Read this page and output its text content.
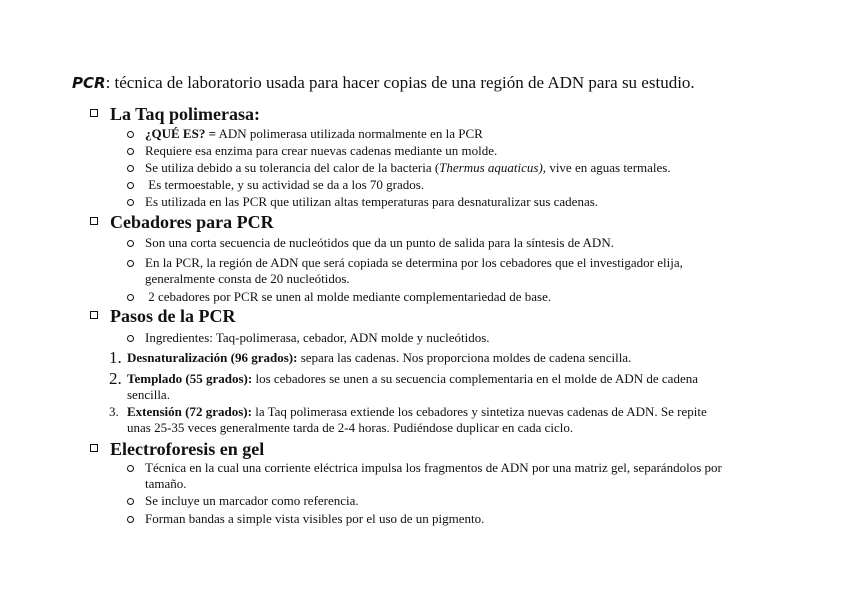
PCR: técnica de laboratorio usada para hacer copias de una región de ADN para su estudio.
La Taq polimerasa:
¿QUÉ ES? = ADN polimerasa utilizada normalmente en la PCR
Requiere esa enzima para crear nuevas cadenas mediante un molde.
Se utiliza debido a su tolerancia del calor de la bacteria (Thermus aquaticus), vive en aguas termales.
Es termoestable, y su actividad se da a los 70 grados.
Es utilizada en las PCR que utilizan altas temperaturas para desnaturalizar sus cadenas.
Cebadores para PCR
Son una corta secuencia de nucleótidos que da un punto de salida para la síntesis de ADN.
En la PCR, la región de ADN que será copiada se determina por los cebadores que el investigador elija,
generalmente consta de 20 nucleótidos.
2 cebadores por PCR se unen al molde mediante complementariedad de base.
Pasos de la PCR
Ingredientes: Taq-polimerasa, cebador, ADN molde y nucleótidos.
1. Desnaturalización (96 grados): separa las cadenas. Nos proporciona moldes de cadena sencilla.
2. Templado (55 grados): los cebadores se unen a su secuencia complementaria en el molde de ADN de cadena
sencilla.
3. Extensión (72 grados): la Taq polimerasa extiende los cebadores y sintetiza nuevas cadenas de ADN. Se repite
unas 25-35 veces generalmente tarda de 2-4 horas. Pudiéndose duplicar en cada ciclo.
Electroforesis en gel
Técnica en la cual una corriente eléctrica impulsa los fragmentos de ADN por una matriz gel, separándolos por
tamaño.
Se incluye un marcador como referencia.
Forman bandas a simple vista visibles por el uso de un pigmento.
